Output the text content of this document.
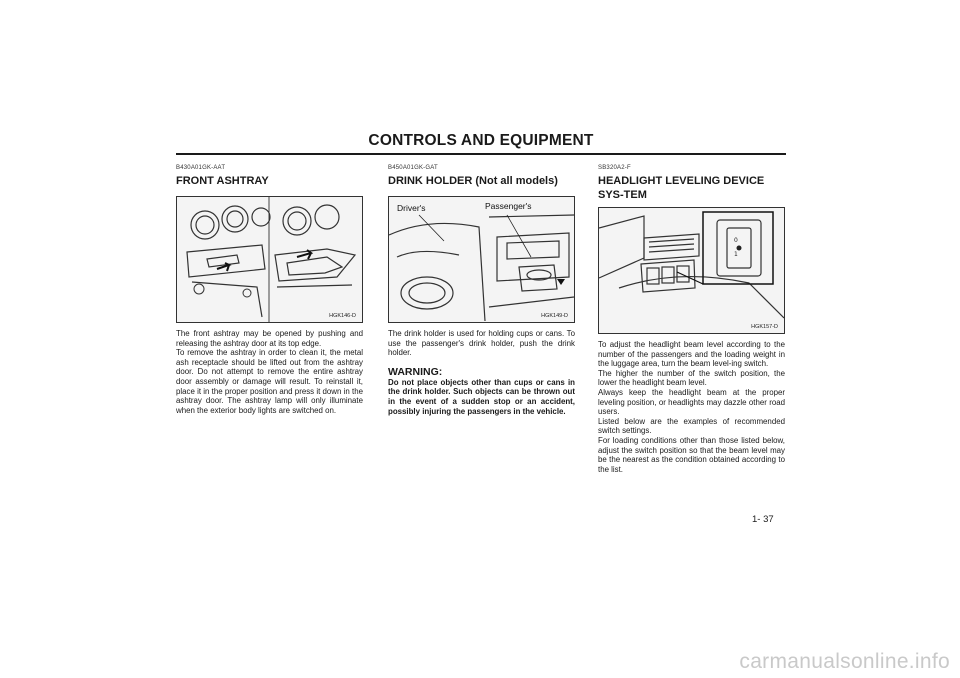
CONTROLS AND EQUIPMENT
B430A01GK-AAT
FRONT ASHTRAY
HGK146-D

The front ashtray may be opened by pushing and releasing the ashtray door at its top edge.

To remove the ashtray in order to clean it, the metal ash receptacle should be lifted out from the ashtray door. Do not attempt to remove the entire ashtray door assembly or damage will result. To reinstall it, place it in the proper position and press it down in the ashtray door. The ashtray lamp will only illuminate when the exterior body lights are switched on.

B450A01GK-GAT
DRINK HOLDER (Not all models)
Driver's	Passenger's
HGK149-D

The drink holder is used for holding cups or cans. To use the passenger's drink holder, push the drink holder.

WARNING:
Do not place objects other than cups or cans in the drink holder. Such objects can be thrown out in the event of a sudden stop or an accident, possibly injuring the passengers in the vehicle.
SB320A2-F
HEADLIGHT LEVELING DEVICE SYS-TEM
0
1
HGK157-D

To adjust the headlight beam level according to the number of the passengers and the loading weight in the luggage area, turn the beam level-ing switch.

The higher the number of the switch position, the lower the headlight beam level.

Always keep the headlight beam at the proper leveling position, or headlights may dazzle other road users.

Listed below are the examples of recommended switch settings.

For loading conditions other than those listed below, adjust the switch position so that the beam level may be the nearest as the condition obtained according to the list.

1- 37
carmanualsonline.info
